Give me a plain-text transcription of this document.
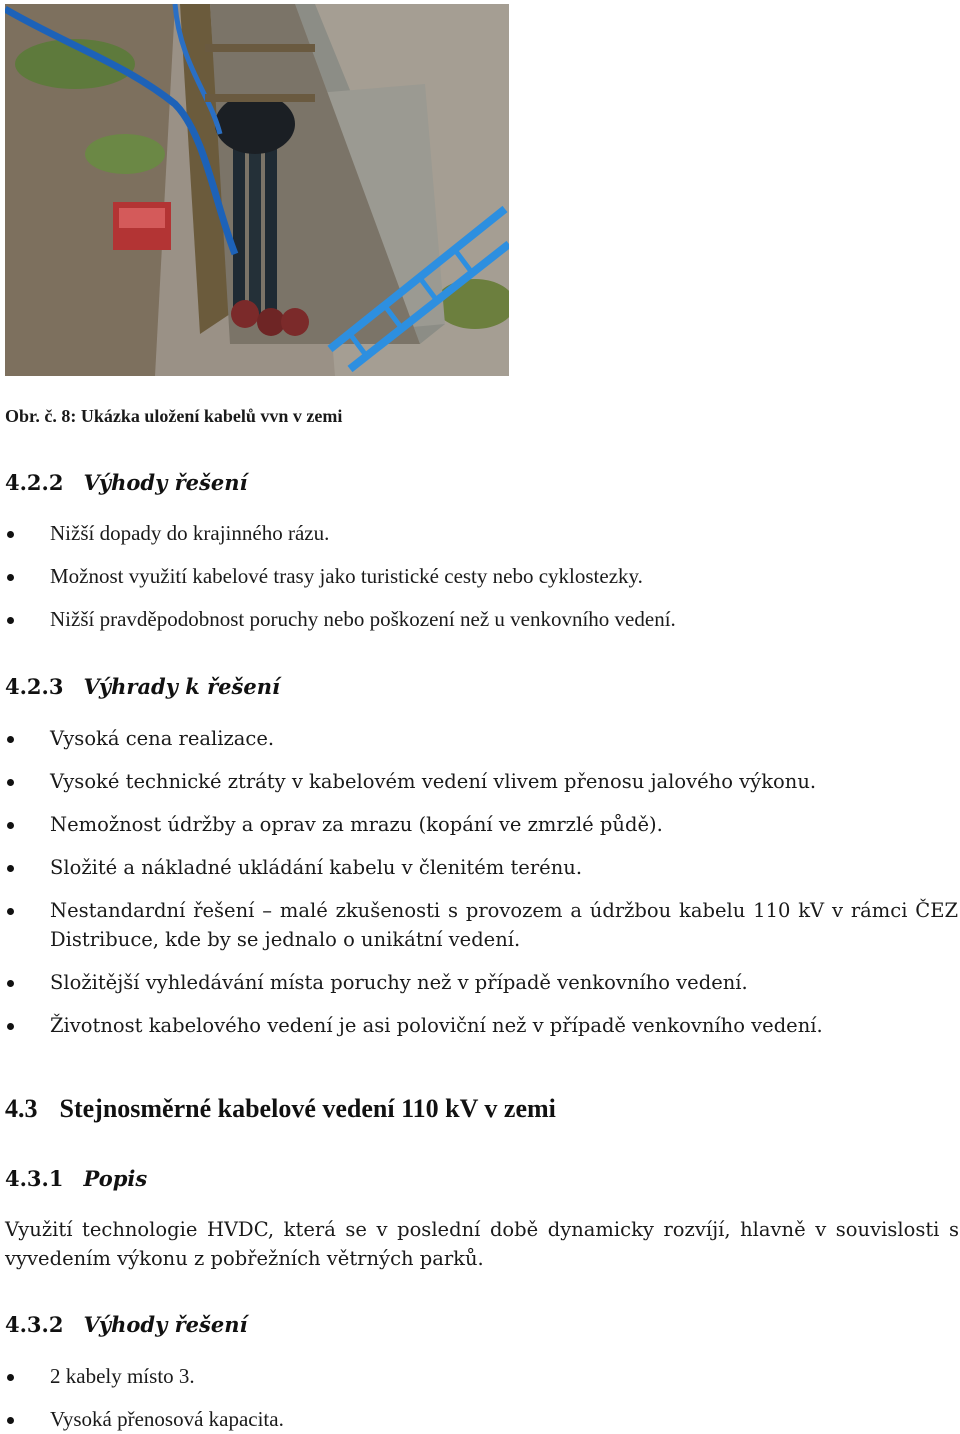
Obr. č. 8: Ukázka uložení kabelů vvn v zemi
4.2.2 Výhody řešení
Nižší dopady do krajinného rázu.
Možnost využití kabelové trasy jako turistické cesty nebo cyklostezky.
Nižší pravděpodobnost poruchy nebo poškození než u venkovního vedení.
4.2.3 Výhrady k řešení
Vysoká cena realizace.
Vysoké technické ztráty v kabelovém vedení vlivem přenosu jalového výkonu.
Nemožnost údržby a oprav za mrazu (kopání ve zmrzlé půdě).
Složité a nákladné ukládání kabelu v členitém terénu.
Nestandardní řešení – malé zkušenosti s provozem a údržbou kabelu 110 kV v rámci ČEZ Distribuce, kde by se jednalo o unikátní vedení.
Složitější vyhledávání místa poruchy než v případě venkovního vedení.
Životnost kabelového vedení je asi poloviční než v případě venkovního vedení.
4.3 Stejnosměrné kabelové vedení 110 kV v zemi
4.3.1 Popis
Využití technologie HVDC, která se v poslední době dynamicky rozvíjí, hlavně v souvislosti s vyvedením výkonu z pobřežních větrných parků.
4.3.2 Výhody řešení
2 kabely místo 3.
Vysoká přenosová kapacita.
